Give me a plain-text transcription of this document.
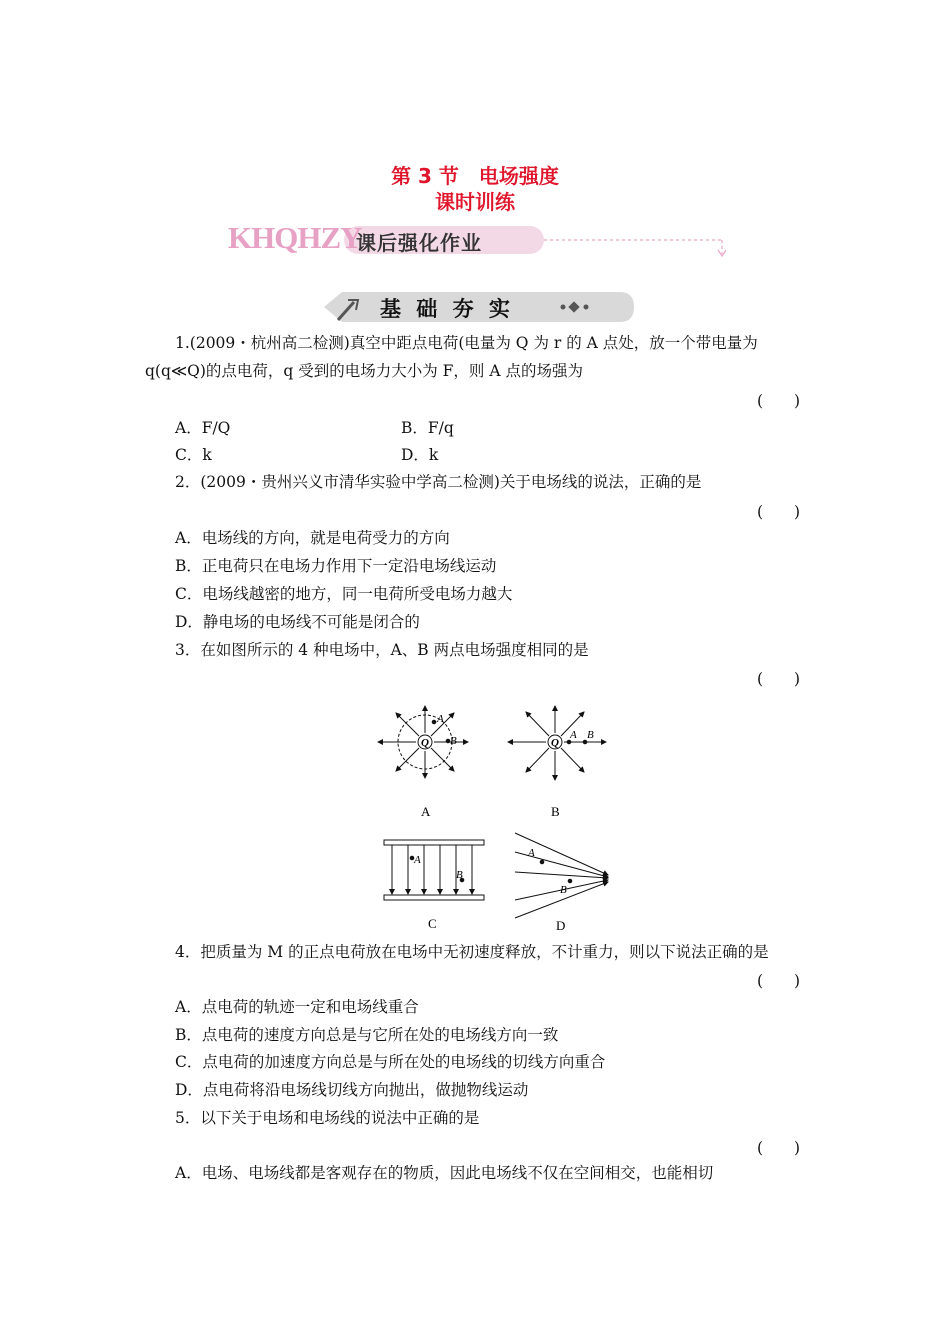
第 3 节　电场强度
课时训练
KHQHZY
课后强化作业
基 础 夯 实
1.(2009・杭州高二检测)真空中距点电荷(电量为 Q 为 r 的 A 点处，放一个带电量为
q(q≪Q)的点电荷，q 受到的电场力大小为 F，则 A 点的场强为
(　　)
A．F/Q	B．F/q
C．k	D．k
2．(2009・贵州兴义市清华实验中学高二检测)关于电场线的说法，正确的是
(　　)
A．电场线的方向，就是电荷受力的方向
B．正电荷只在电场力作用下一定沿电场线运动
C．电场线越密的地方，同一电荷所受电场力越大
D．静电场的电场线不可能是闭合的
3．在如图所示的 4 种电场中，A、B 两点电场强度相同的是
(　　)
Q
A
B
A
Q
A B
B
A
B
C
A
B
D
4．把质量为 M 的正点电荷放在电场中无初速度释放，不计重力，则以下说法正确的是
(　　)
A．点电荷的轨迹一定和电场线重合
B．点电荷的速度方向总是与它所在处的电场线方向一致
C．点电荷的加速度方向总是与所在处的电场线的切线方向重合
D．点电荷将沿电场线切线方向抛出，做抛物线运动
5．以下关于电场和电场线的说法中正确的是
(　　)
A．电场、电场线都是客观存在的物质，因此电场线不仅在空间相交，也能相切
